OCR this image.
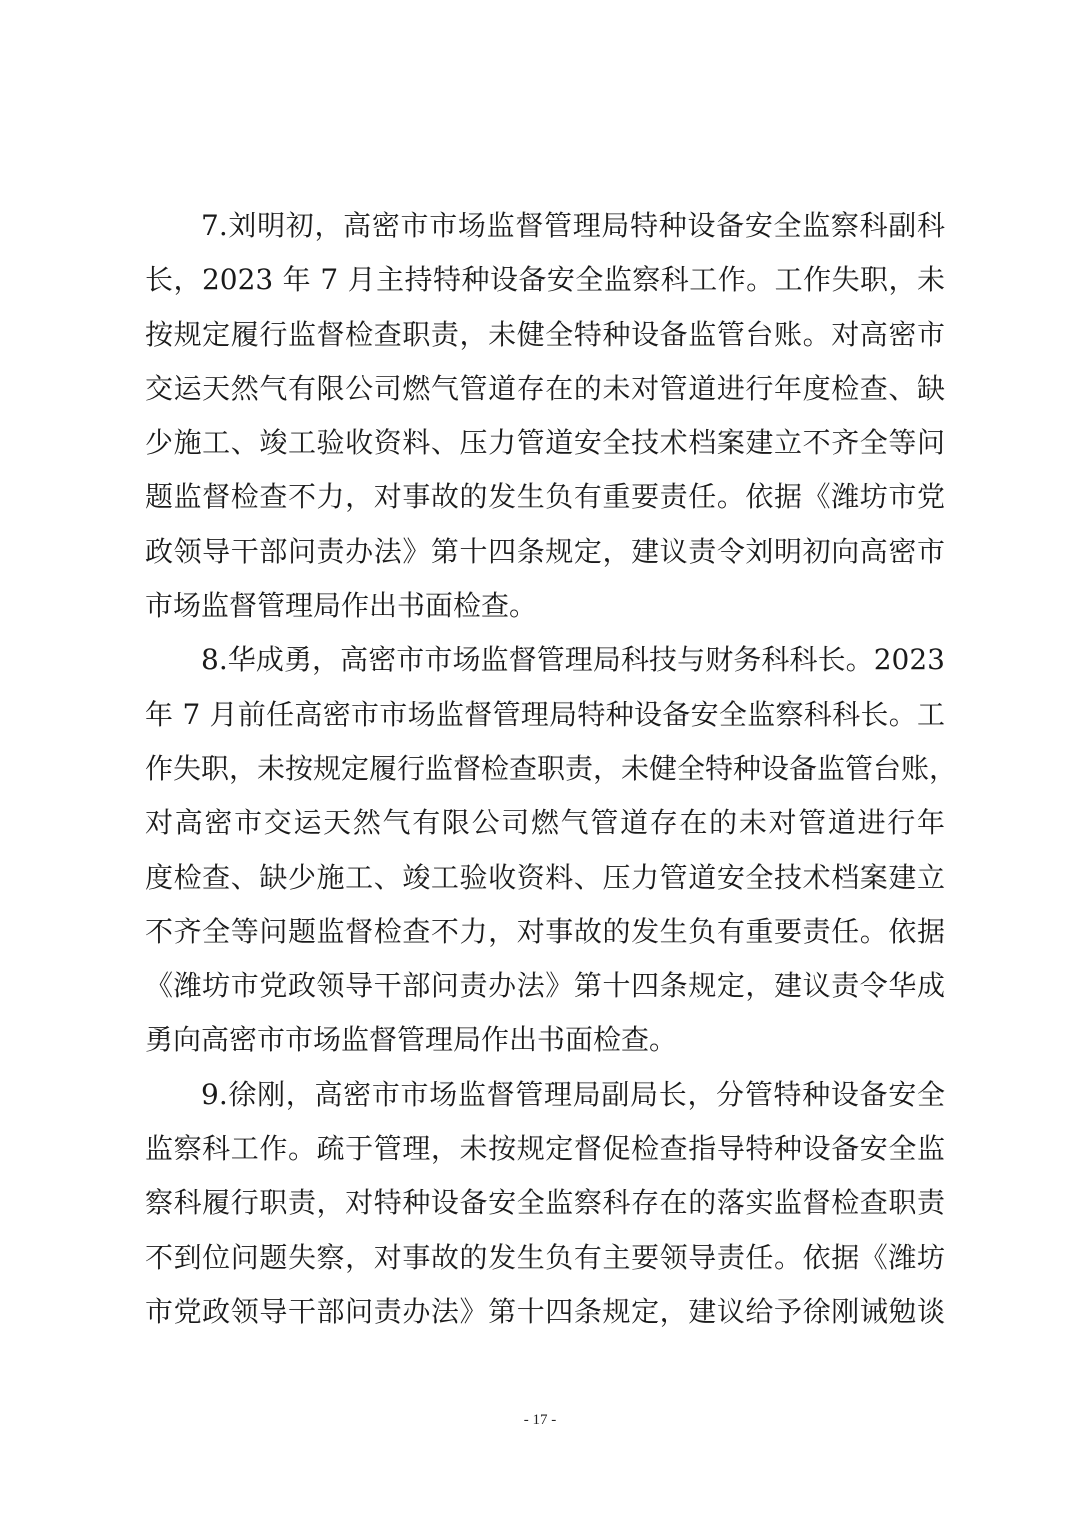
7.刘明初，高密市市场监督管理局特种设备安全监察科副科
长，2023 年 7 月主持特种设备安全监察科工作。工作失职，未
按规定履行监督检查职责，未健全特种设备监管台账。对高密市
交运天然气有限公司燃气管道存在的未对管道进行年度检查、缺
少施工、竣工验收资料、压力管道安全技术档案建立不齐全等问
题监督检查不力，对事故的发生负有重要责任。依据《潍坊市党
政领导干部问责办法》第十四条规定，建议责令刘明初向高密市
市场监督管理局作出书面检查。
8.华成勇，高密市市场监督管理局科技与财务科科长。2023
年 7 月前任高密市市场监督管理局特种设备安全监察科科长。工
作失职，未按规定履行监督检查职责，未健全特种设备监管台账，
对高密市交运天然气有限公司燃气管道存在的未对管道进行年
度检查、缺少施工、竣工验收资料、压力管道安全技术档案建立
不齐全等问题监督检查不力，对事故的发生负有重要责任。依据
《潍坊市党政领导干部问责办法》第十四条规定，建议责令华成
勇向高密市市场监督管理局作出书面检查。
9.徐刚，高密市市场监督管理局副局长，分管特种设备安全
监察科工作。疏于管理，未按规定督促检查指导特种设备安全监
察科履行职责，对特种设备安全监察科存在的落实监督检查职责
不到位问题失察，对事故的发生负有主要领导责任。依据《潍坊
市党政领导干部问责办法》第十四条规定，建议给予徐刚诫勉谈
- 17 -
